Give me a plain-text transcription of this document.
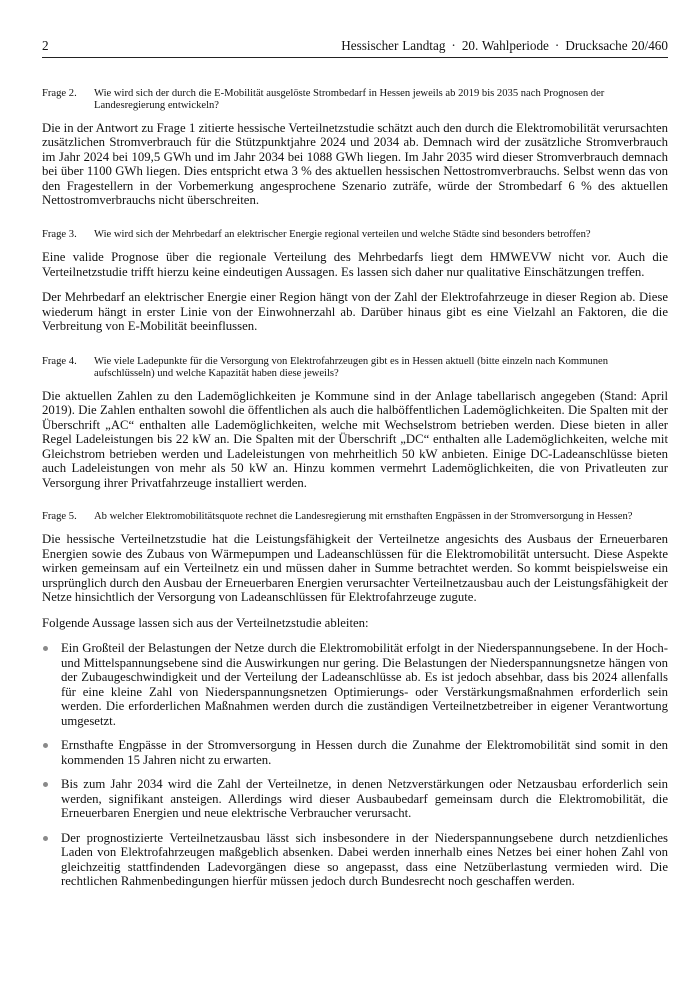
2	Hessischer Landtag · 20. Wahlperiode · Drucksache 20/460
Frage 2.	Wie wird sich der durch die E-Mobilität ausgelöste Strombedarf in Hessen jeweils ab 2019 bis 2035 nach Prognosen der Landesregierung entwickeln?

Die in der Antwort zu Frage 1 zitierte hessische Verteilnetzstudie schätzt auch den durch die Elektromobilität verursachten zusätzlichen Stromverbrauch für die Stützpunktjahre 2024 und 2034 ab. Demnach wird der zusätzliche Stromverbrauch im Jahr 2024 bei 109,5 GWh und im Jahr 2034 bei 1088 GWh liegen. Im Jahr 2035 wird dieser Stromverbrauch demnach bei über 1100 GWh liegen. Dies entspricht etwa 3 % des aktuellen hessischen Nettostromverbrauchs. Selbst wenn das von den Fragestellern in der Vorbemerkung angesprochene Szenario zuträfe, würde der Strombedarf 6 % des aktuellen Nettostromverbrauchs nicht überschreiten.

Frage 3.	Wie wird sich der Mehrbedarf an elektrischer Energie regional verteilen und welche Städte sind besonders betroffen?

Eine valide Prognose über die regionale Verteilung des Mehrbedarfs liegt dem HMWEVW nicht vor. Auch die Verteilnetzstudie trifft hierzu keine eindeutigen Aussagen. Es lassen sich daher nur qualitative Einschätzungen treffen.

Der Mehrbedarf an elektrischer Energie einer Region hängt von der Zahl der Elektrofahrzeuge in dieser Region ab. Diese wiederum hängt in erster Linie von der Einwohnerzahl ab. Darüber hinaus gibt es eine Vielzahl an Faktoren, die die Verbreitung von E-Mobilität beeinflussen.

Frage 4.	Wie viele Ladepunkte für die Versorgung von Elektrofahrzeugen gibt es in Hessen aktuell (bitte einzeln nach Kommunen aufschlüsseln) und welche Kapazität haben diese jeweils?

Die aktuellen Zahlen zu den Lademöglichkeiten je Kommune sind in der Anlage tabellarisch angegeben (Stand: April 2019). Die Zahlen enthalten sowohl die öffentlichen als auch die halböffentlichen Lademöglichkeiten. Die Spalten mit der Überschrift „AC“ enthalten alle Lademöglichkeiten, welche mit Wechselstrom betrieben werden. Diese bieten in aller Regel Ladeleistungen bis 22 kW an. Die Spalten mit der Überschrift „DC“ enthalten alle Lademöglichkeiten, welche mit Gleichstrom betrieben werden und Ladeleistungen von mehrheitlich 50 kW anbieten. Einige DC-Ladeanschlüsse bieten auch Ladeleistungen von mehr als 50 kW an. Hinzu kommen vermehrt Lademöglichkeiten, die von Privatleuten zur Versorgung ihrer Privatfahrzeuge installiert werden.

Frage 5.	Ab welcher Elektromobilitätsquote rechnet die Landesregierung mit ernsthaften Engpässen in der Stromversorgung in Hessen?

Die hessische Verteilnetzstudie hat die Leistungsfähigkeit der Verteilnetze angesichts des Ausbaus der Erneuerbaren Energien sowie des Zubaus von Wärmepumpen und Ladeanschlüssen für die Elektromobilität untersucht. Diese Aspekte wirken gemeinsam auf ein Verteilnetz ein und müssen daher in Summe betrachtet werden. So kommt beispielsweise ein ursprünglich durch den Ausbau der Erneuerbaren Energien verursachter Verteilnetzausbau auch der Leistungsfähigkeit der Netze hinsichtlich der Versorgung von Ladeanschlüssen für Elektrofahrzeuge zugute.

Folgende Aussage lassen sich aus der Verteilnetzstudie ableiten:

Ein Großteil der Belastungen der Netze durch die Elektromobilität erfolgt in der Niederspannungsebene. In der Hoch- und Mittelspannungsebene sind die Auswirkungen nur gering. Die Belastungen der Niederspannungsnetze hängen von der Zubaugeschwindigkeit und der Verteilung der Ladeanschlüsse ab. Es ist jedoch absehbar, dass bis 2024 allenfalls für eine kleine Zahl von Niederspannungsnetzen Optimierungs- oder Verstärkungsmaßnahmen erforderlich sein werden. Die erforderlichen Maßnahmen werden durch die zuständigen Verteilnetzbetreiber in eigener Verantwortung umgesetzt.
Ernsthafte Engpässe in der Stromversorgung in Hessen durch die Zunahme der Elektromobilität sind somit in den kommenden 15 Jahren nicht zu erwarten.
Bis zum Jahr 2034 wird die Zahl der Verteilnetze, in denen Netzverstärkungen oder Netzausbau erforderlich sein werden, signifikant ansteigen. Allerdings wird dieser Ausbaubedarf gemeinsam durch die Elektromobilität, die Erneuerbaren Energien und neue elektrische Verbraucher verursacht.
Der prognostizierte Verteilnetzausbau lässt sich insbesondere in der Niederspannungsebene durch netzdienliches Laden von Elektrofahrzeugen maßgeblich absenken. Dabei werden innerhalb eines Netzes bei einer hohen Zahl von gleichzeitig stattfindenden Ladevorgängen diese so angepasst, dass eine Netzüberlastung vermieden wird. Die rechtlichen Rahmenbedingungen hierfür müssen jedoch durch Bundesrecht noch geschaffen werden.
